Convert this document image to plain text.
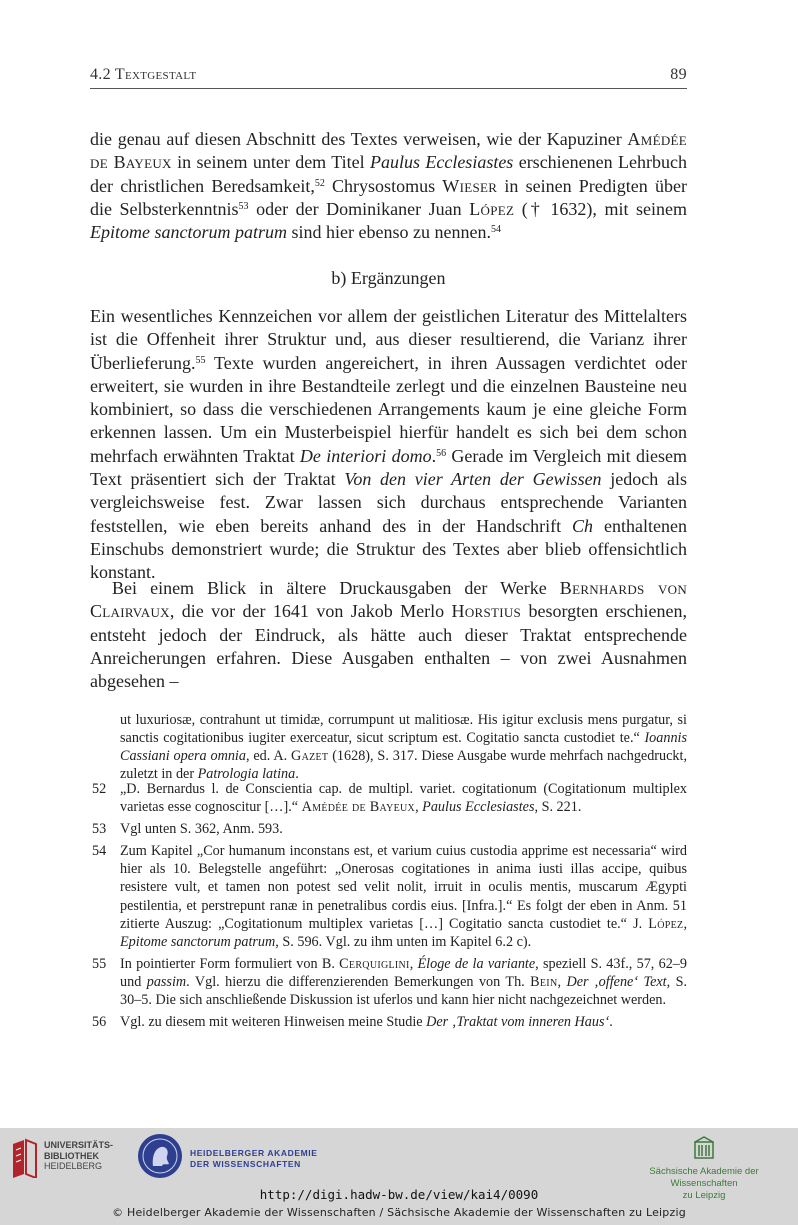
4.2 Textgestalt	89
die genau auf diesen Abschnitt des Textes verweisen, wie der Kapuziner Amédée de Bayeux in seinem unter dem Titel Paulus Ecclesiastes erschienenen Lehrbuch der christlichen Beredsamkeit,$^{52}$ Chrysostomus Wieser in seinen Predigten über die Selbsterkenntnis$^{53}$ oder der Dominikaner Juan López († 1632), mit seinem Epitome sanctorum patrum sind hier ebenso zu nennen.$^{54}$
b) Ergänzungen
Ein wesentliches Kennzeichen vor allem der geistlichen Literatur des Mittelalters ist die Offenheit ihrer Struktur und, aus dieser resultierend, die Varianz ihrer Überlieferung.$^{55}$ Texte wurden angereichert, in ihren Aussagen verdichtet oder erweitert, sie wurden in ihre Bestandteile zerlegt und die einzelnen Bausteine neu kombiniert, so dass die verschiedenen Arrangements kaum je eine gleiche Form erkennen lassen. Um ein Musterbeispiel hierfür handelt es sich bei dem schon mehrfach erwähnten Traktat De interiori domo.$^{56}$ Gerade im Vergleich mit diesem Text präsentiert sich der Traktat Von den vier Arten der Gewissen jedoch als vergleichsweise fest. Zwar lassen sich durchaus entsprechende Varianten feststellen, wie eben bereits anhand des in der Handschrift Ch enthaltenen Einschubs demonstriert wurde; die Struktur des Textes aber blieb offensichtlich konstant.
Bei einem Blick in ältere Druckausgaben der Werke Bernhards von Clairvaux, die vor der 1641 von Jakob Merlo Horstius besorgten erschienen, entsteht jedoch der Eindruck, als hätte auch dieser Traktat entsprechende Anreicherungen erfahren. Diese Ausgaben enthalten – von zwei Ausnahmen abgesehen –
ut luxuriosæ, contrahunt ut timidæ, corrumpunt ut malitiosæ. His igitur exclusis mens purgatur, si sanctis cogitationibus iugiter exerceatur, sicut scriptum est. Cogitatio sancta custodiet te.“ Ioannis Cassiani opera omnia, ed. A. Gazet (1628), S. 317. Diese Ausgabe wurde mehrfach nachgedruckt, zuletzt in der Patrologia latina.
52 „D. Bernardus l. de Conscientia cap. de multipl. variet. cogitationum (Cogitationum multiplex varietas esse cognoscitur […].“ Amédée de Bayeux, Paulus Ecclesiastes, S. 221.
53 Vgl unten S. 362, Anm. 593.
54 Zum Kapitel „Cor humanum inconstans est, et varium cuius custodia apprime est necessaria“ wird hier als 10. Belegstelle angeführt: „Onerosas cogitationes in anima iusti illas accipe, quibus resistere vult, et tamen non potest sed velit nolit, irruit in oculis mentis, muscarum Ægypti pestilentia, et perstrepunt ranæ in penetralibus cordis eius. [Infra.].“ Es folgt der eben in Anm. 51 zitierte Auszug: „Cogitationum multiplex varietas […] Cogitatio sancta custodiet te.“ J. López, Epitome sanctorum patrum, S. 596. Vgl. zu ihm unten im Kapitel 6.2 c).
55 In pointierter Form formuliert von B. Cerquiglini, Éloge de la variante, speziell S. 43f., 57, 62–9 und passim. Vgl. hierzu die differenzierenden Bemerkungen von Th. Bein, Der ‚offene‘ Text, S. 30–5. Die sich anschließende Diskussion ist uferlos und kann hier nicht nachgezeichnet werden.
56 Vgl. zu diesem mit weiteren Hinweisen meine Studie Der ‚Traktat vom inneren Haus‘.
UNIVERSITÄTS-
BIBLIOTHEK
HEIDELBERG
HEIDELBERGER AKADEMIE
DER WISSENSCHAFTEN
Sächsische Akademie der Wissenschaften
zu Leipzig
http://digi.hadw-bw.de/view/kai4/0090
© Heidelberger Akademie der Wissenschaften / Sächsische Akademie der Wissenschaften zu Leipzig
